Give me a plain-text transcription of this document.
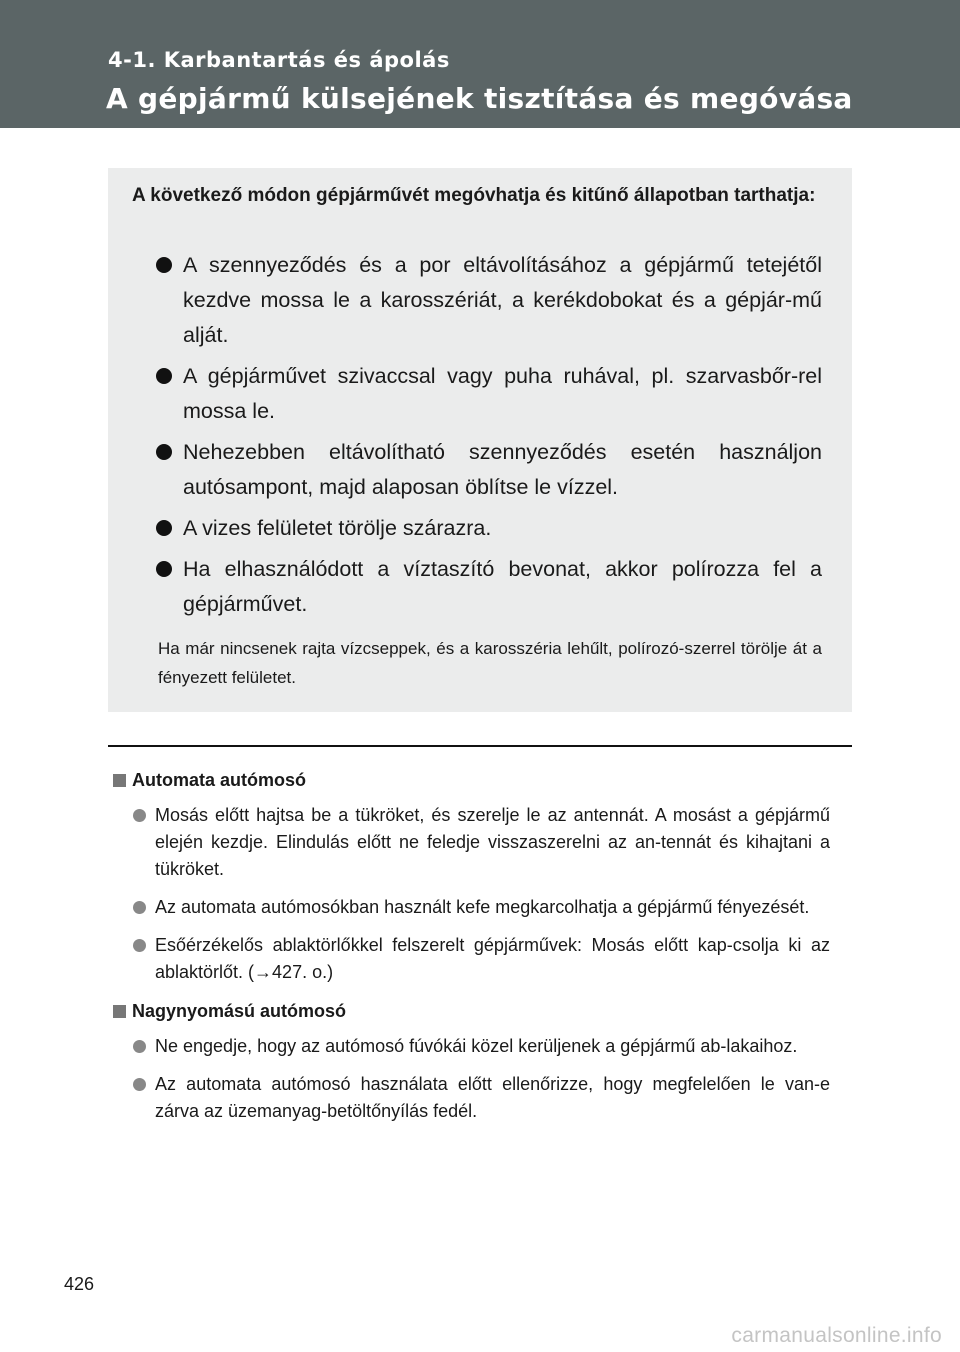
4-1. Karbantartás és ápolás
A gépjármű külsejének tisztítása és megóvása
A következő módon gépjárművét megóvhatja és kitűnő állapotban tarthatja:
A szennyeződés és a por eltávolításához a gépjármű tetejétől kezdve mossa le a karosszériát, a kerékdobokat és a gépjár-mű alját.
A gépjárművet szivaccsal vagy puha ruhával, pl. szarvasbőr-rel mossa le.
Nehezebben eltávolítható szennyeződés esetén használjon autósampont, majd alaposan öblítse le vízzel.
A vizes felületet törölje szárazra.
Ha elhasználódott a víztaszító bevonat, akkor polírozza fel a gépjárművet.
Ha már nincsenek rajta vízcseppek, és a karosszéria lehűlt, polírozó-szerrel törölje át a fényezett felületet.
Automata autómosó
Mosás előtt hajtsa be a tükröket, és szerelje le az antennát. A mosást a gépjármű elején kezdje. Elindulás előtt ne feledje visszaszerelni az an-tennát és kihajtani a tükröket.
Az automata autómosókban használt kefe megkarcolhatja a gépjármű fényezését.
Esőérzékelős ablaktörlőkkel felszerelt gépjárművek: Mosás előtt kap-csolja ki az ablaktörlőt. (→427. o.)
Nagynyomású autómosó
Ne engedje, hogy az autómosó fúvókái közel kerüljenek a gépjármű ab-lakaihoz.
Az automata autómosó használata előtt ellenőrizze, hogy megfelelően le van-e zárva az üzemanyag-betöltőnyílás fedél.
426
carmanualsonline.info
